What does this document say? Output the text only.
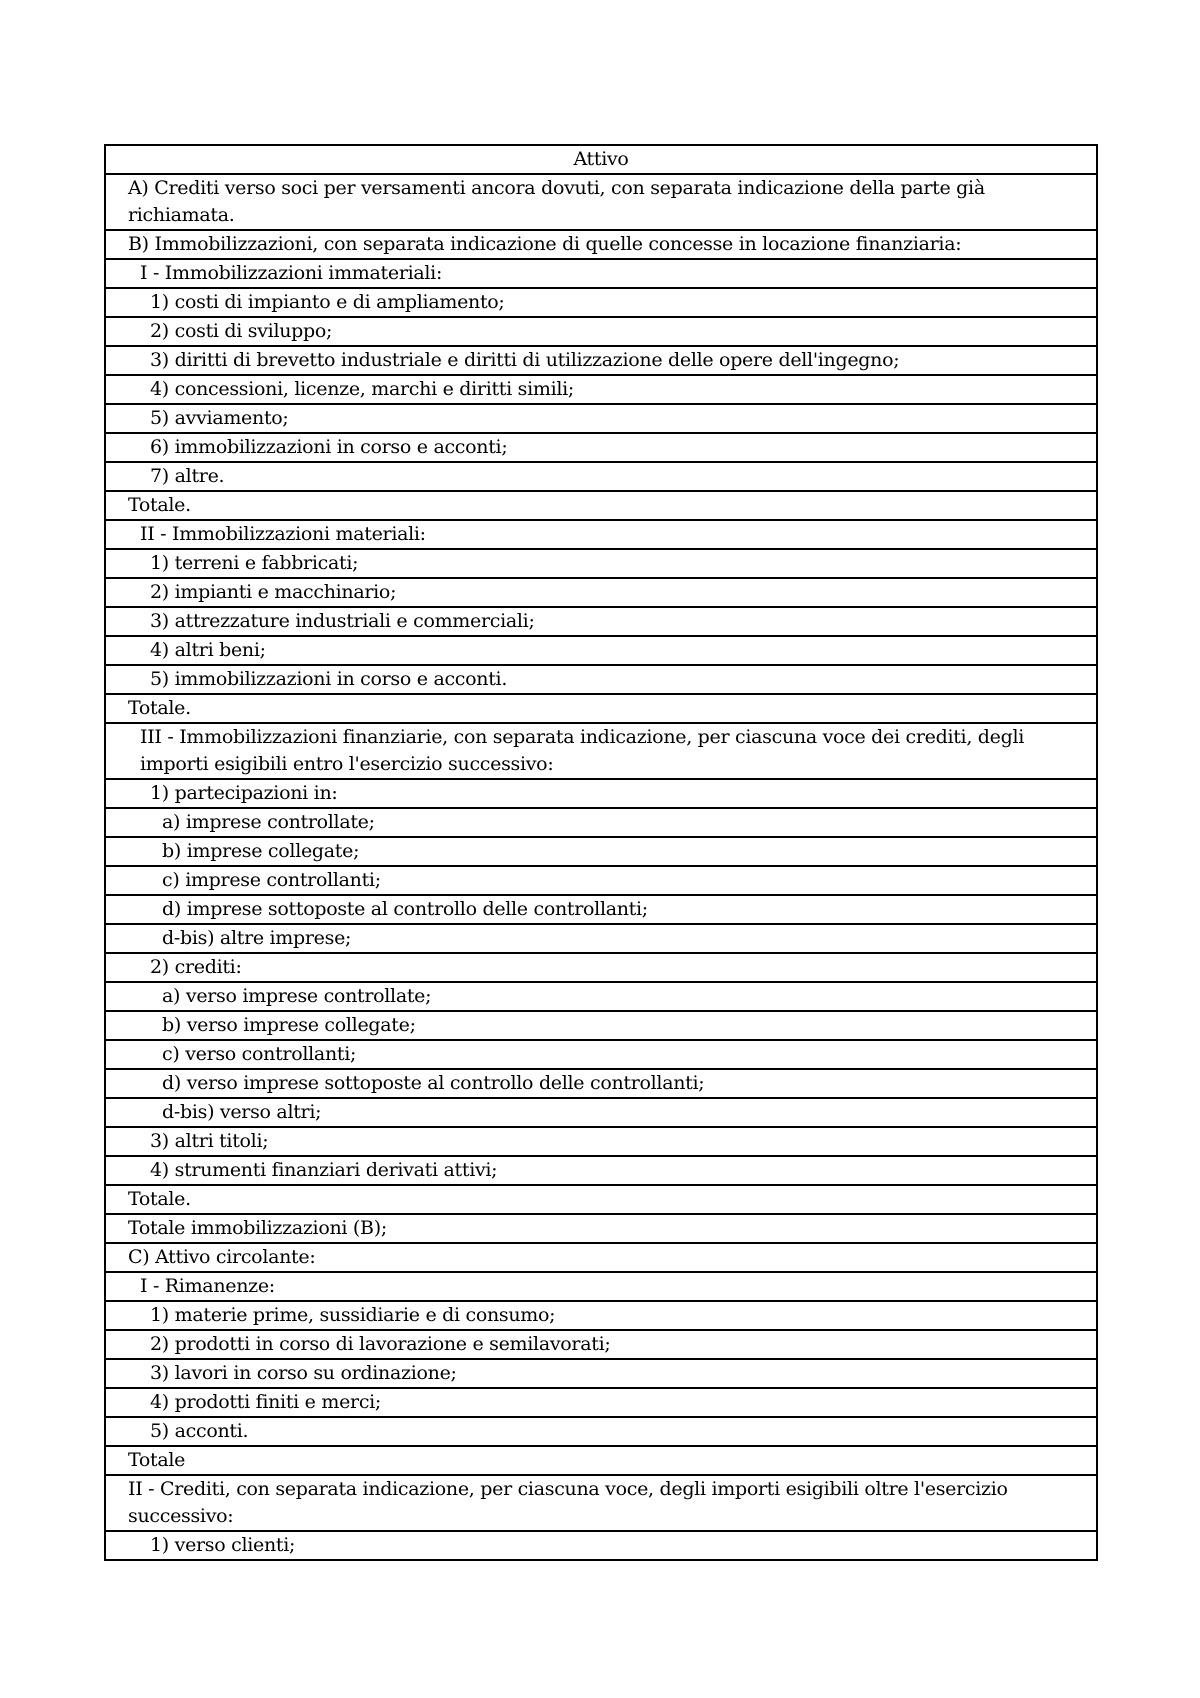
Attivo
A) Crediti verso soci per versamenti ancora dovuti, con separata indicazione della parte già richiamata.
B) Immobilizzazioni, con separata indicazione di quelle concesse in locazione finanziaria:
I - Immobilizzazioni immateriali:
1) costi di impianto e di ampliamento;
2) costi di sviluppo;
3) diritti di brevetto industriale e diritti di utilizzazione delle opere dell'ingegno;
4) concessioni, licenze, marchi e diritti simili;
5) avviamento;
6) immobilizzazioni in corso e acconti;
7) altre.
Totale.
II - Immobilizzazioni materiali:
1) terreni e fabbricati;
2) impianti e macchinario;
3) attrezzature industriali e commerciali;
4) altri beni;
5) immobilizzazioni in corso e acconti.
Totale.
III - Immobilizzazioni finanziarie, con separata indicazione, per ciascuna voce dei crediti, degli importi esigibili entro l'esercizio successivo:
1) partecipazioni in:
a) imprese controllate;
b) imprese collegate;
c) imprese controllanti;
d) imprese sottoposte al controllo delle controllanti;
d-bis) altre imprese;
2) crediti:
a) verso imprese controllate;
b) verso imprese collegate;
c) verso controllanti;
d) verso imprese sottoposte al controllo delle controllanti;
d-bis) verso altri;
3) altri titoli;
4) strumenti finanziari derivati attivi;
Totale.
Totale immobilizzazioni (B);
C) Attivo circolante:
I - Rimanenze:
1) materie prime, sussidiarie e di consumo;
2) prodotti in corso di lavorazione e semilavorati;
3) lavori in corso su ordinazione;
4) prodotti finiti e merci;
5) acconti.
Totale
II - Crediti, con separata indicazione, per ciascuna voce, degli importi esigibili oltre l'esercizio successivo:
1) verso clienti;
